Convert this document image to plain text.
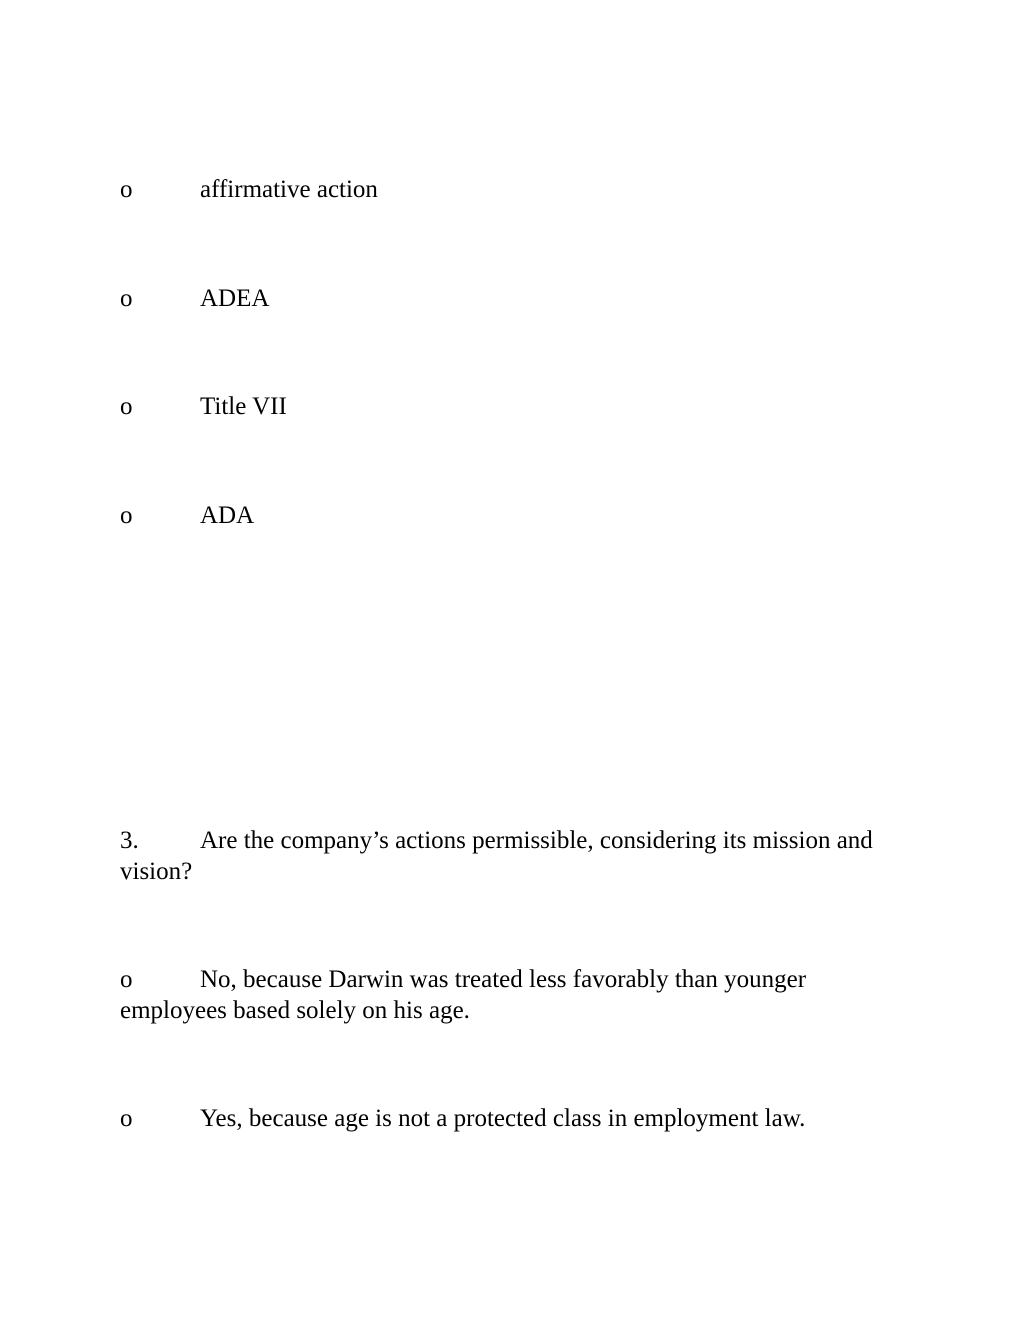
o	affirmative action
o	ADEA
o	Title VII
o	ADA
3. Are the company’s actions permissible, considering its mission and vision?
o	No, because Darwin was treated less favorably than younger employees based solely on his age.
o	Yes, because age is not a protected class in employment law.
